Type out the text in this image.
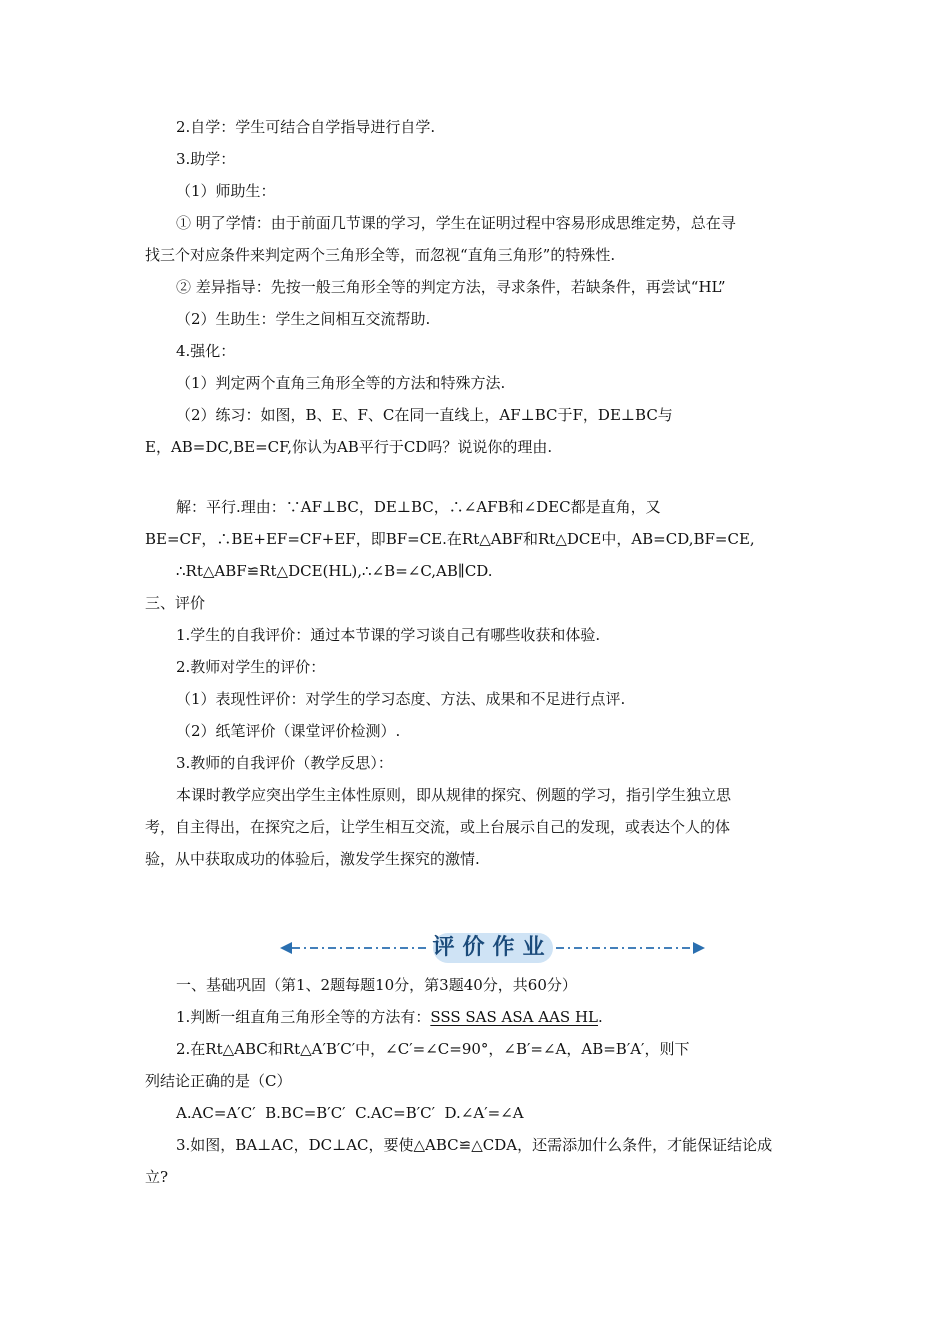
2.自学：学生可结合自学指导进行自学.
3.助学：
（1）师助生：
① 明了学情：由于前面几节课的学习，学生在证明过程中容易形成思维定势，总在寻
找三个对应条件来判定两个三角形全等，而忽视“直角三角形”的特殊性.
② 差异指导：先按一般三角形全等的判定方法，寻求条件，若缺条件，再尝试“HL”
（2）生助生：学生之间相互交流帮助.
4.强化：
（1）判定两个直角三角形全等的方法和特殊方法.
（2）练习：如图，B、E、F、C在同一直线上，AF⊥BC于F，DE⊥BC与
E，AB=DC,BE=CF,你认为AB平行于CD吗？说说你的理由.
解：平行.理由：∵AF⊥BC，DE⊥BC，∴∠AFB和∠DEC都是直角，又
BE=CF，∴BE+EF=CF+EF，即BF=CE.在Rt△ABF和Rt△DCE中，AB=CD,BF=CE,
∴Rt△ABF≌Rt△DCE(HL),∴∠B=∠C,AB∥CD.
三、评价
1.学生的自我评价：通过本节课的学习谈自己有哪些收获和体验.
2.教师对学生的评价：
（1）表现性评价：对学生的学习态度、方法、成果和不足进行点评.
（2）纸笔评价（课堂评价检测）.
3.教师的自我评价（教学反思）：
本课时教学应突出学生主体性原则，即从规律的探究、例题的学习，指引学生独立思
考，自主得出，在探究之后，让学生相互交流，或上台展示自己的发现，或表达个人的体
验，从中获取成功的体验后，激发学生探究的激情.
评价作业
一、基础巩固（第1、2题每题10分，第3题40分，共60分）
1.判断一组直角三角形全等的方法有：SSS SAS ASA AAS HL.
2.在Rt△ABC和Rt△A′B′C′中，∠C′=∠C=90°，∠B′=∠A，AB=B′A′，则下
列结论正确的是（C）
A.AC=A′C′  B.BC=B′C′  C.AC=B′C′  D.∠A′=∠A
3.如图，BA⊥AC，DC⊥AC，要使△ABC≌△CDA，还需添加什么条件，才能保证结论成
立?
